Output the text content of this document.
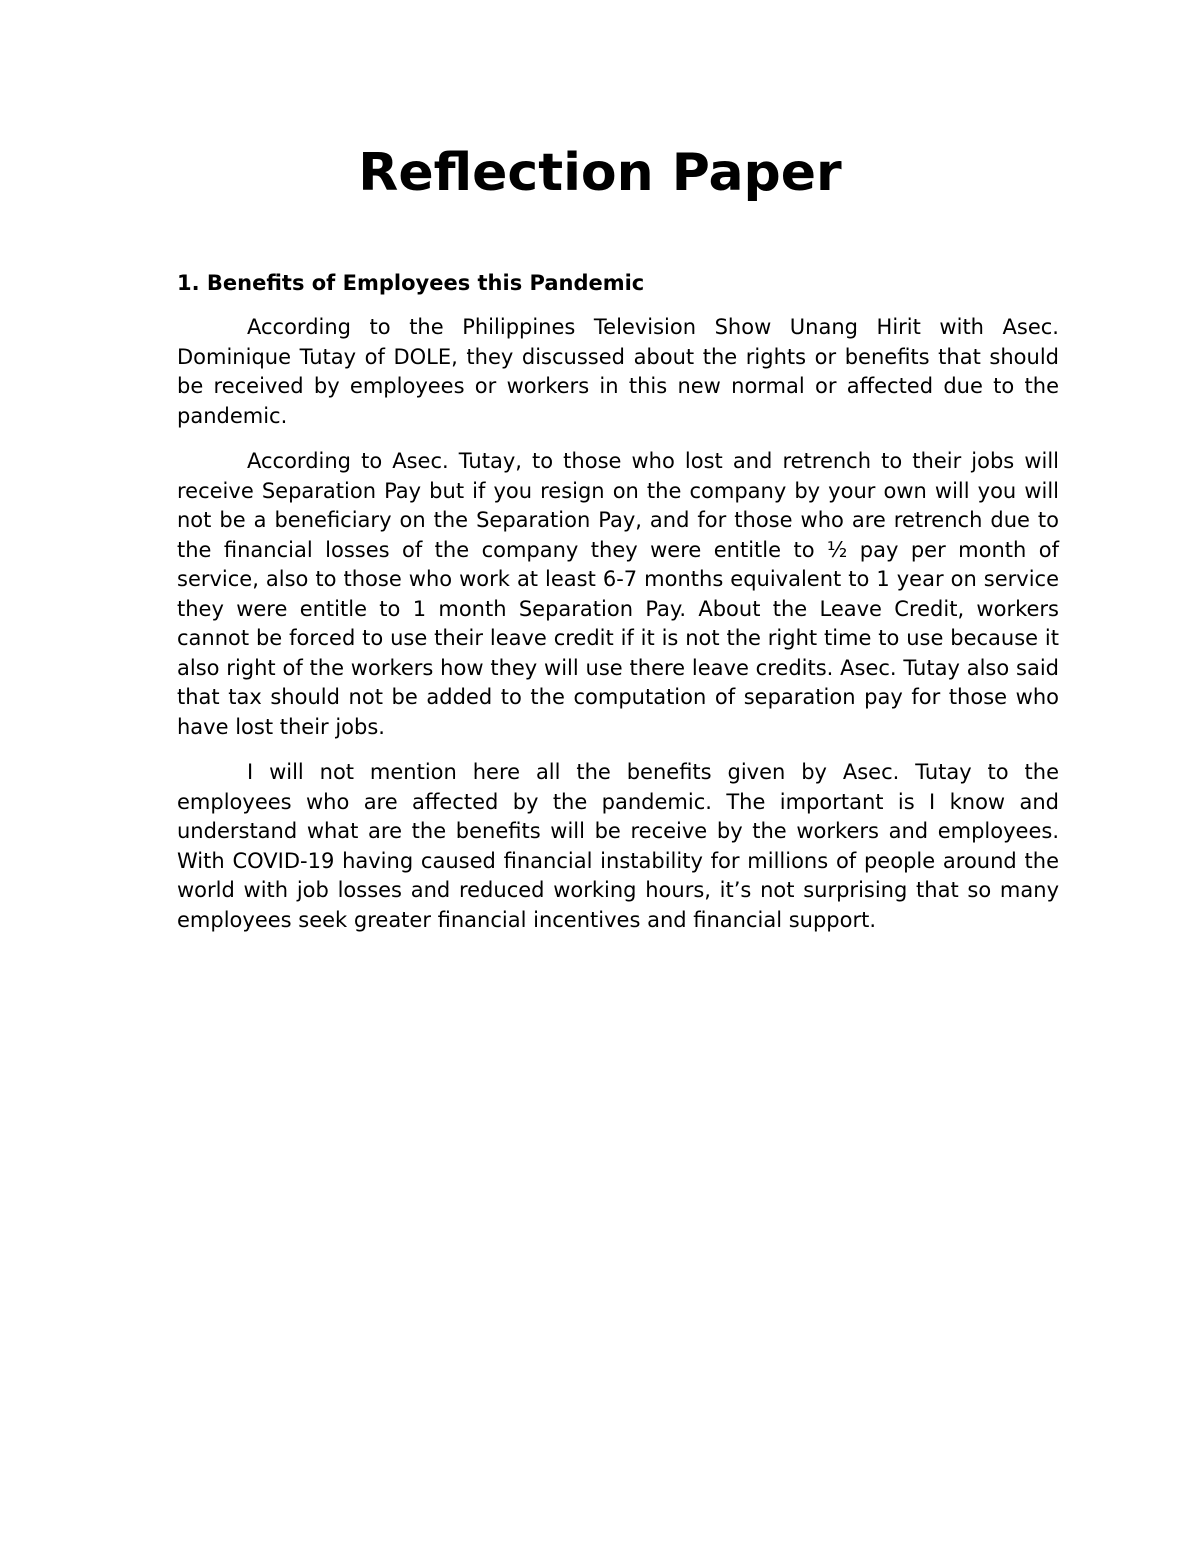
Reflection Paper
1. Benefits of Employees this Pandemic

According to the Philippines Television Show Unang Hirit with Asec. Dominique Tutay of DOLE, they discussed about the rights or benefits that should be received by employees or workers in this new normal or affected due to the pandemic.

According to Asec. Tutay, to those who lost and retrench to their jobs will receive Separation Pay but if you resign on the company by your own will you will not be a beneficiary on the Separation Pay, and for those who are retrench due to the financial losses of the company they were entitle to ½ pay per month of service, also to those who work at least 6-7 months equivalent to 1 year on service they were entitle to 1 month Separation Pay. About the Leave Credit, workers cannot be forced to use their leave credit if it is not the right time to use because it also right of the workers how they will use there leave credits. Asec. Tutay also said that tax should not be added to the computation of separation pay for those who have lost their jobs.

I will not mention here all the benefits given by Asec. Tutay to the employees who are affected by the pandemic. The important is I know and understand what are the benefits will be receive by the workers and employees. With COVID-19 having caused financial instability for millions of people around the world with job losses and reduced working hours, it’s not surprising that so many employees seek greater financial incentives and financial support.
